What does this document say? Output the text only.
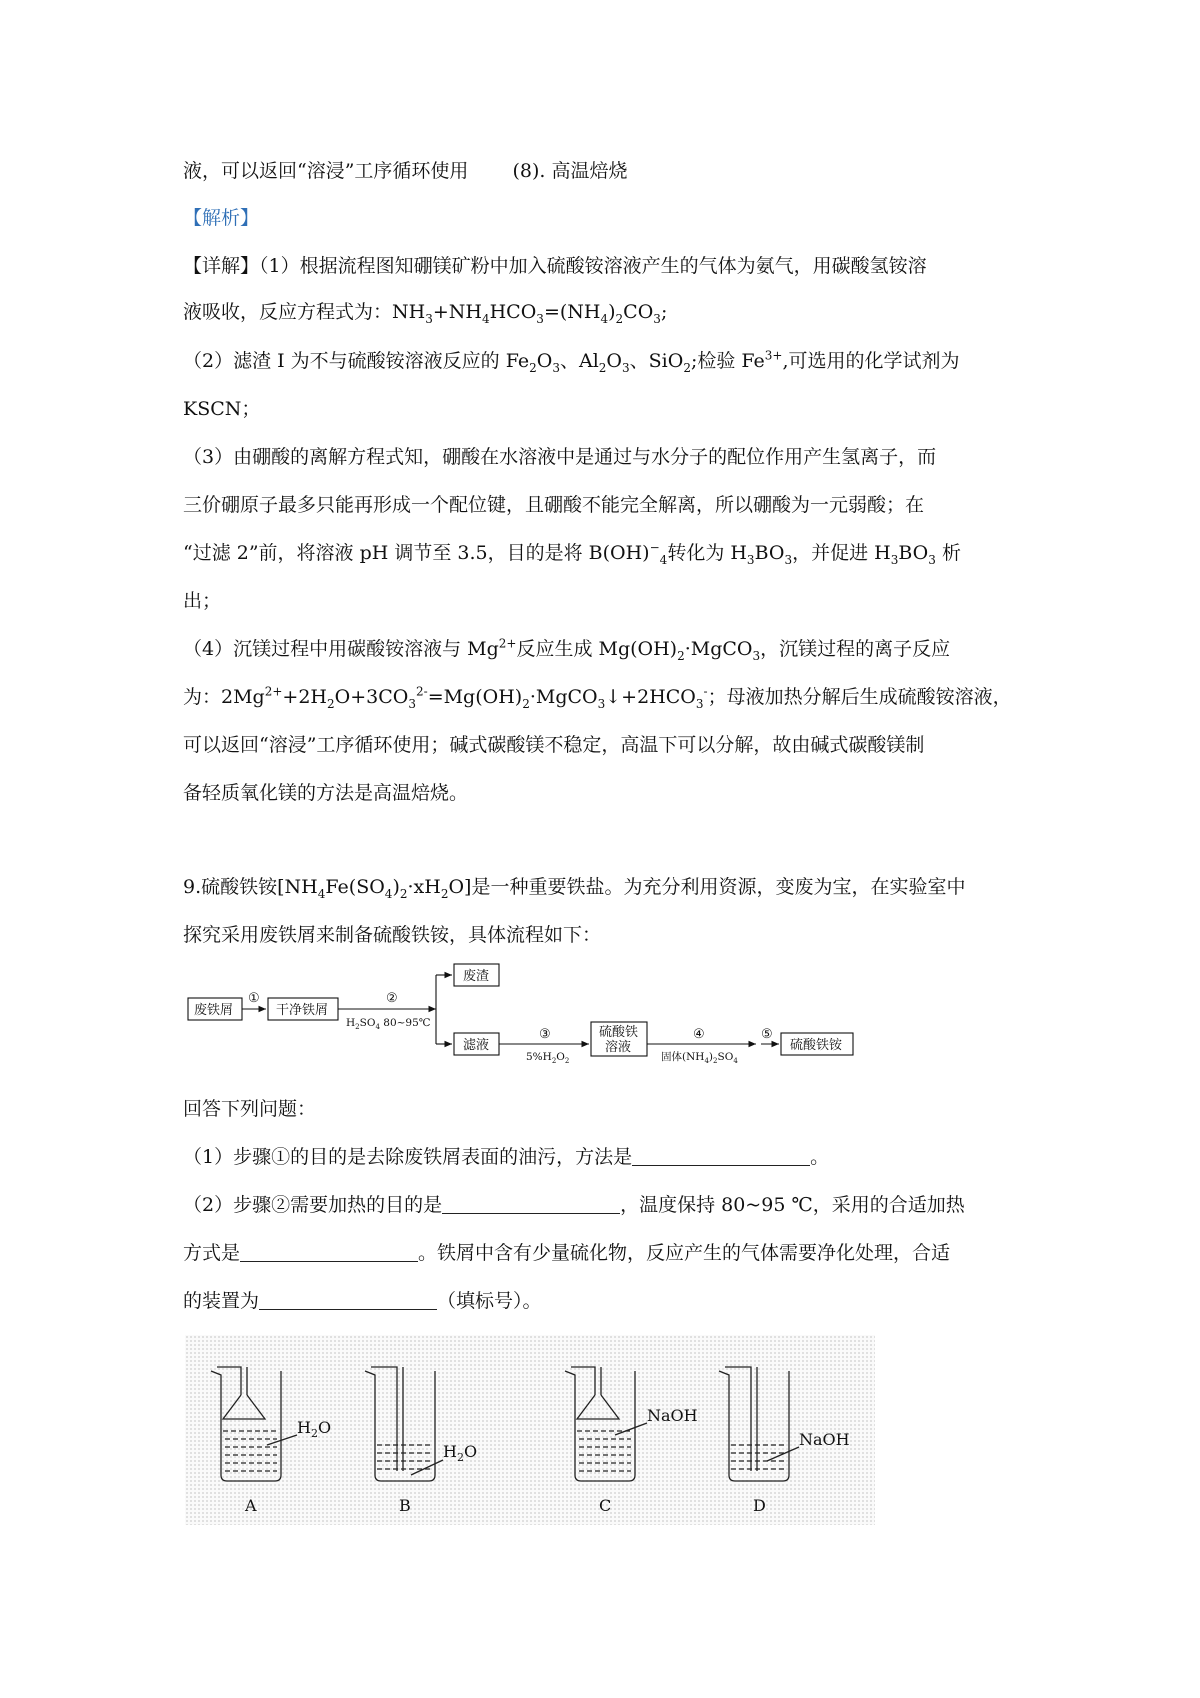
液，可以返回“溶浸”工序循环使用　　 (8). 高温焙烧
【解析】
【详解】（1）根据流程图知硼镁矿粉中加入硫酸铵溶液产生的气体为氨气，用碳酸氢铵溶
液吸收，反应方程式为：$NH_3+NH_4HCO_3=(NH_4)_2CO_3$;
（2）滤渣 I 为不与硫酸铵溶液反应的 $Fe_2O_3$、$Al_2O_3$、SiO$_2$;检验 $Fe^{3+}$,可选用的化学试剂为
KSCN；
（3）由硼酸的离解方程式知，硼酸在水溶液中是通过与水分子的配位作用产生氢离子，而
三价硼原子最多只能再形成一个配位键，且硼酸不能完全解离，所以硼酸为一元弱酸；在
“过滤 2”前，将溶液 pH 调节至 3.5，目的是将 $B(OH)^-_4$转化为 $H_3BO_3$，并促进 $H_3BO_3$ 析
出；
（4）沉镁过程中用碳酸铵溶液与 $Mg^{2+}$反应生成 $Mg(OH)_2\cdot MgCO_3$，沉镁过程的离子反应
为：$2Mg^{2+}+2H_2O+3CO_3^{2-}=Mg(OH)_2\cdot MgCO_3↓+2HCO_3^-$；母液加热分解后生成硫酸铵溶液，
可以返回“溶浸”工序循环使用；碱式碳酸镁不稳定，高温下可以分解，故由碱式碳酸镁制
备轻质氧化镁的方法是高温焙烧。
9.硫酸铁铵$[NH_4Fe(SO_4)_2\cdot xH_2O]$是一种重要铁盐。为充分利用资源，变废为宝，在实验室中
探究采用废铁屑来制备硫酸铁铵，具体流程如下：
废铁屑	干净铁屑
废渣
滤液
硫酸铁
溶液	硫酸铁铵
①	②
③	④	⑤
$H_2SO_4$ 80~95℃
$5\%H_2O_2$	固体$(NH_4)_2SO_4$
回答下列问题：
（1）步骤①的目的是去除废铁屑表面的油污，方法是	。
（2）步骤②需要加热的目的是	，温度保持 80~95 ℃，采用的合适加热
方式是	。铁屑中含有少量硫化物，反应产生的气体需要净化处理，合适
的装置为	（填标号）。
$H_2O$
$H_2O$
NaOH
NaOH
A	B	C	D
